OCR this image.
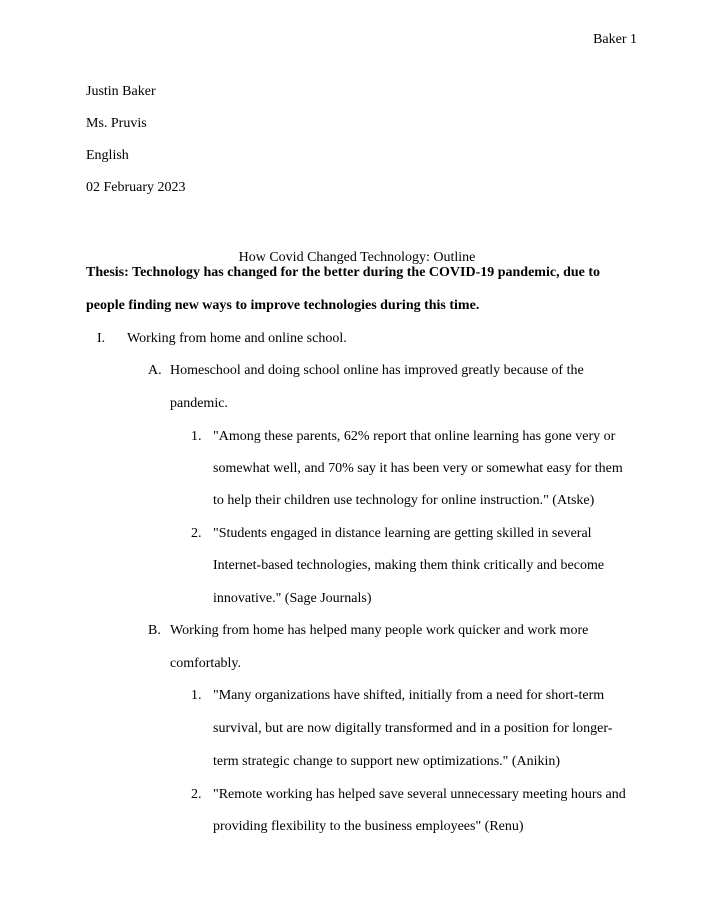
Baker 1
Justin Baker
Ms. Pruvis
English
02 February 2023
How Covid Changed Technology: Outline
Thesis: Technology has changed for the better during the COVID-19 pandemic, due to
people finding new ways to improve technologies during this time.
I. Working from home and online school.
A. Homeschool and doing school online has improved greatly because of the
pandemic.
1. "Among these parents, 62% report that online learning has gone very or
somewhat well, and 70% say it has been very or somewhat easy for them
to help their children use technology for online instruction." (Atske)
2. "Students engaged in distance learning are getting skilled in several
Internet-based technologies, making them think critically and become
innovative." (Sage Journals)
B. Working from home has helped many people work quicker and work more
comfortably.
1. "Many organizations have shifted, initially from a need for short-term
survival, but are now digitally transformed and in a position for longer-
term strategic change to support new optimizations." (Anikin)
2. "Remote working has helped save several unnecessary meeting hours and
providing flexibility to the business employees" (Renu)
